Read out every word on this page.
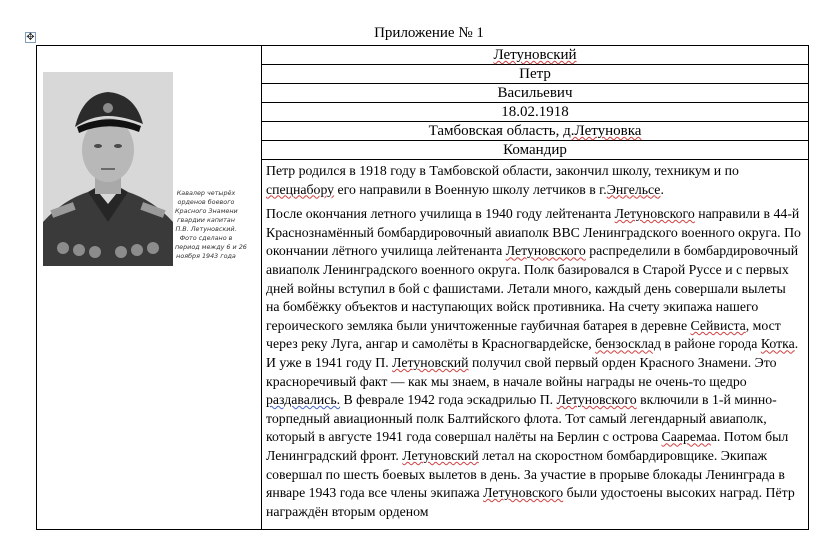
✥	Приложение № 1
Кавалер четырёх
орденов боевого
Красного Знамени
гвардии капитан
П.В. Летуновский.
Фото сделано в
период между 6 и 26
ноября 1943 года
Летуновский
Петр
Васильевич
18.02.1918
Тамбовская область, д.Летуновка
Командир

Петр родился в 1918 году в Тамбовской области, закончил школу, техникум и по спецнабору его направили в Военную школу летчиков в г.Энгельсе.

После окончания летного училища в 1940 году лейтенанта Летуновского направили в 44-й Краснознамённый бомбардировочный авиаполк ВВС Ленинградского военного округа. По окончании лётного училища лейтенанта Летуновского распределили в бомбардировочный авиаполк Ленинградского военного округа. Полк базировался в Старой Руссе и с первых дней войны вступил в бой с фашистами. Летали много, каждый день совершали вылеты на бомбёжку объектов и наступающих войск противника. На счету экипажа нашего героического земляка были уничтоженные гаубичная батарея в деревне Сейвиста, мост через реку Луга, ангар и самолёты в Красногвардейске, бензосклад в районе города Котка. И уже в 1941 году П. Летуновский получил свой первый орден Красного Знамени. Это красноречивый факт — как мы знаем, в начале войны награды не очень-то щедро раздавались. В феврале 1942 года эскадрилью П. Летуновского включили в 1-й минно-торпедный авиационный полк Балтийского флота. Тот самый легендарный авиаполк, который в августе 1941 года совершал налёты на Берлин с острова Сааремаа. Потом был Ленинградский фронт. Летуновский летал на скоростном бомбардировщике. Экипаж совершал по шесть боевых вылетов в день. За участие в прорыве блокады Ленинграда в январе 1943 года все члены экипажа Летуновского были удостоены высоких наград. Пётр награждён вторым орденом
